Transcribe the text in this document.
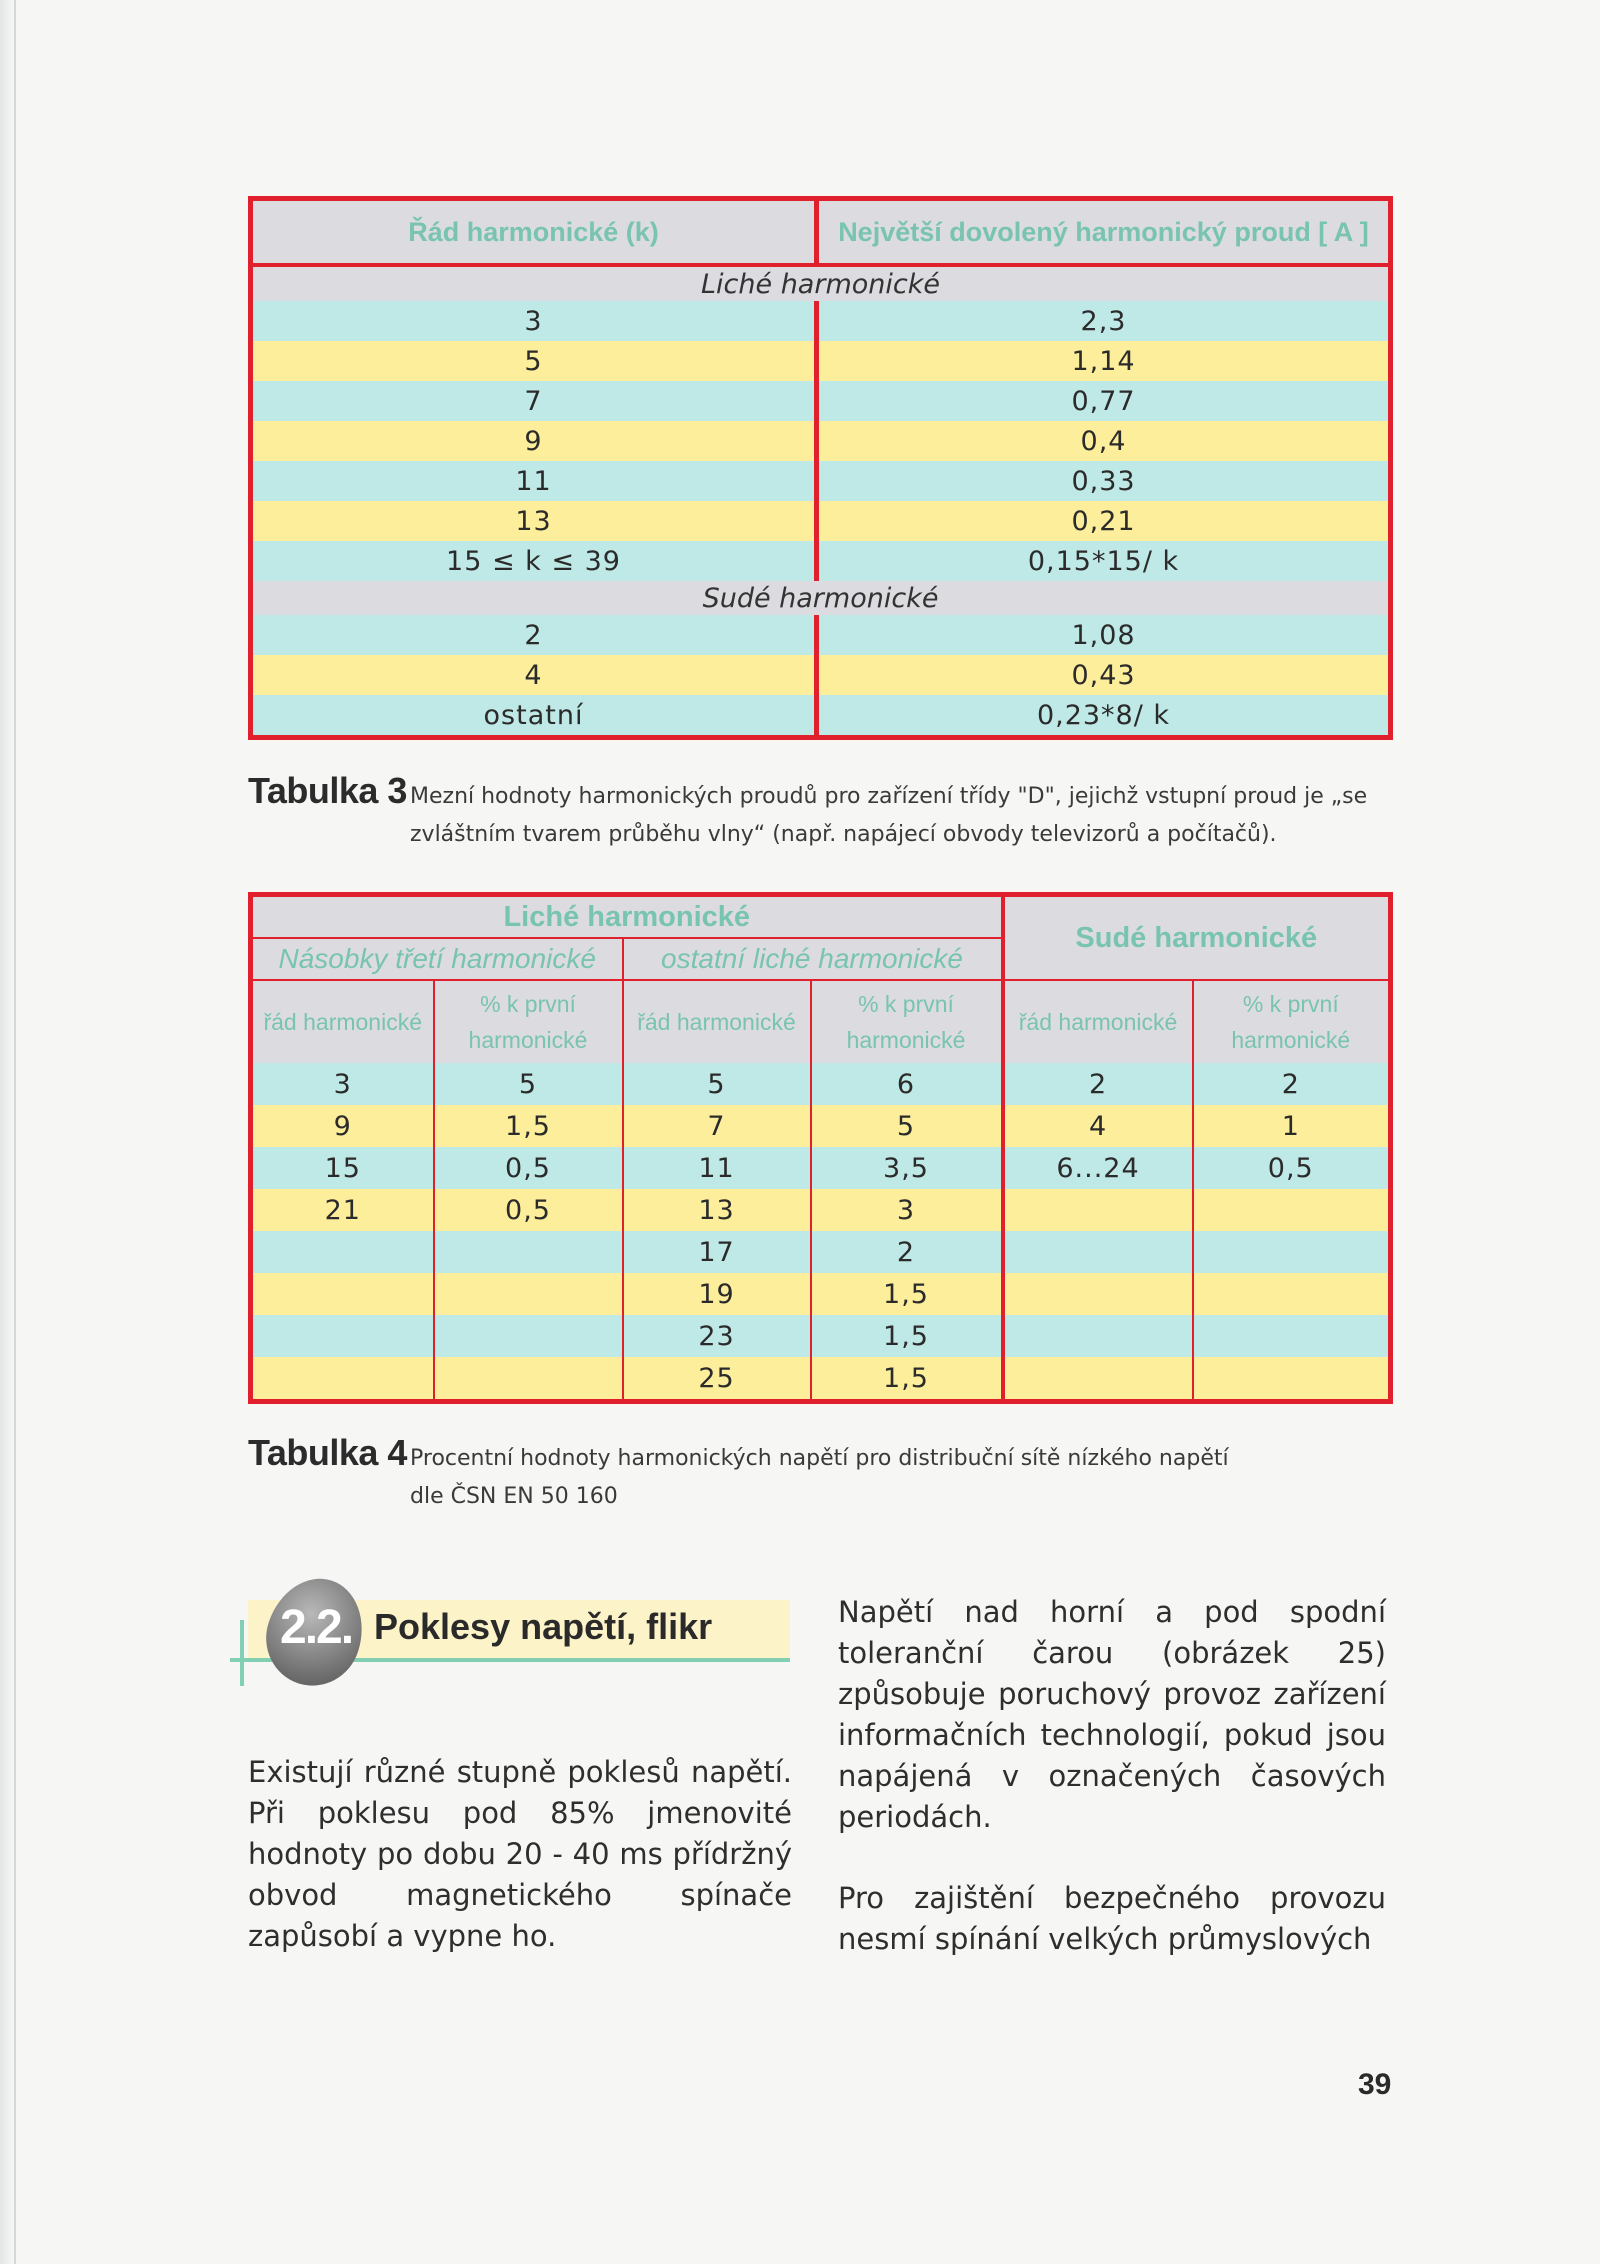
Řád harmonické (k)	Největší dovolený harmonický proud [ A ]
Liché harmonické	
3	2,3
5	1,14
7	0,77
9	0,4
11	0,33
13	0,21
15 ≤ k ≤ 39	0,15*15/ k
Sudé harmonické	
2	1,08
4	0,43
ostatní	0,23*8/ k
Tabulka 3 Mezní hodnoty harmonických proudů pro zařízení třídy "D", jejichž vstupní proud je „se zvláštním tvarem průběhu vlny“ (např. napájecí obvody televizorů a počítačů).
Liché harmonické				Sudé harmonické	
Násobky třetí harmonické		ostatní liché harmonické			
řád harmonické	% k první harmonické	řád harmonické	% k první harmonické	řád harmonické	% k první harmonické
3	5	5	6	2	2
9	1,5	7	5	4	1
15	0,5	11	3,5	6...24	0,5
21	0,5	13	3		
		17	2		
		19	1,5		
		23	1,5		
		25	1,5		
Tabulka 4 Procentní hodnoty harmonických napětí pro distribuční sítě nízkého napětí
dle ČSN EN 50 160
2.2. Poklesy napětí, flikr
Existují různé stupně poklesů napětí. Při poklesu pod 85% jmenovité hodnoty po dobu 20 - 40 ms přídržný obvod magnetického spínače zapůsobí a vypne ho.
Napětí nad horní a pod spodní toleranční čarou (obrázek 25) způsobuje poruchový provoz zařízení informačních technologií, pokud jsou napájená v označených časových periodách.
Pro zajištění bezpečného provozu nesmí spínání velkých průmyslových
39
